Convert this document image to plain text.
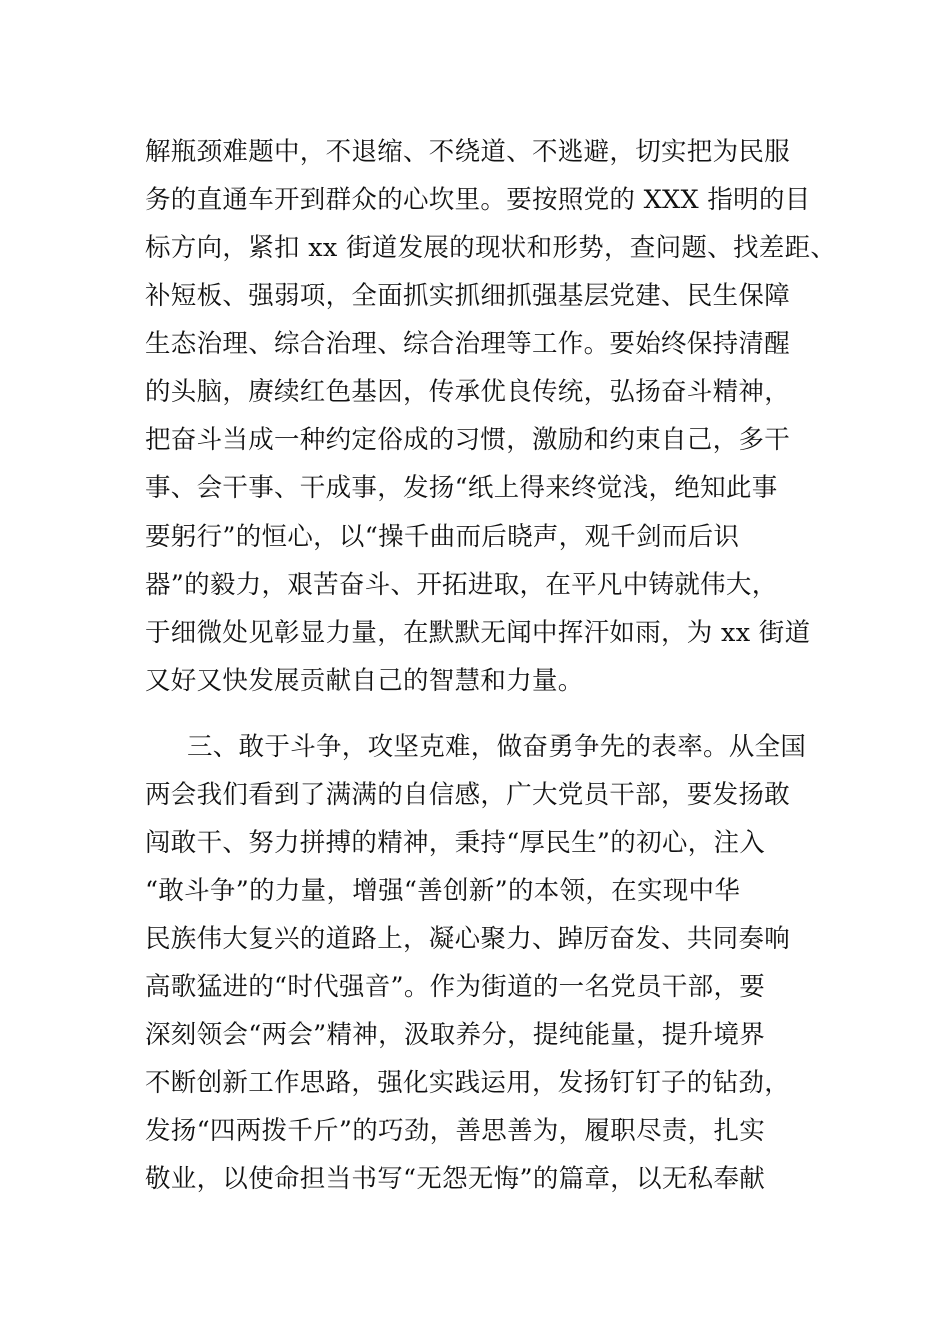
解瓶颈难题中，不退缩、不绕道、不逃避，切实把为民服
务的直通车开到群众的心坎里。要按照党的 XXX 指明的目
标方向，紧扣 xx 街道发展的现状和形势，查问题、找差距、
补短板、强弱项，全面抓实抓细抓强基层党建、民生保障
生态治理、综合治理、综合治理等工作。要始终保持清醒
的头脑，赓续红色基因，传承优良传统，弘扬奋斗精神，
把奋斗当成一种约定俗成的习惯，激励和约束自己，多干
事、会干事、干成事，发扬“纸上得来终觉浅，绝知此事
要躬行”的恒心，以“操千曲而后晓声，观千剑而后识
器”的毅力，艰苦奋斗、开拓进取，在平凡中铸就伟大，
于细微处见彰显力量，在默默无闻中挥汗如雨，为 xx 街道
又好又快发展贡献自己的智慧和力量。
三、敢于斗争，攻坚克难，做奋勇争先的表率。从全国
两会我们看到了满满的自信感，广大党员干部，要发扬敢
闯敢干、努力拼搏的精神，秉持“厚民生”的初心，注入
“敢斗争”的力量，增强“善创新”的本领，在实现中华
民族伟大复兴的道路上，凝心聚力、踔厉奋发、共同奏响
高歌猛进的“时代强音”。作为街道的一名党员干部，要
深刻领会“两会”精神，汲取养分，提纯能量，提升境界
不断创新工作思路，强化实践运用，发扬钉钉子的钻劲，
发扬“四两拨千斤”的巧劲，善思善为，履职尽责，扎实
敬业，以使命担当书写“无怨无悔”的篇章，以无私奉献
